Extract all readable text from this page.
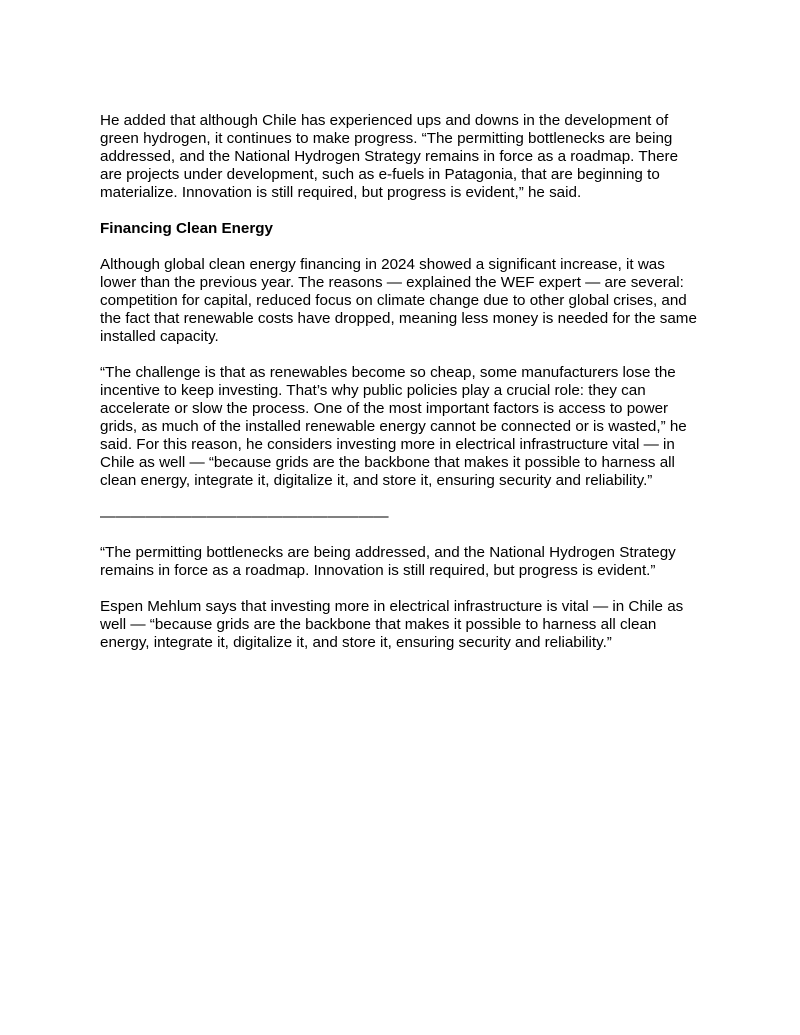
He added that although Chile has experienced ups and downs in the development of green hydrogen, it continues to make progress. “The permitting bottlenecks are being addressed, and the National Hydrogen Strategy remains in force as a roadmap. There are projects under development, such as e-fuels in Patagonia, that are beginning to materialize. Innovation is still required, but progress is evident,” he said.

Financing Clean Energy

Although global clean energy financing in 2024 showed a significant increase, it was lower than the previous year. The reasons — explained the WEF expert — are several: competition for capital, reduced focus on climate change due to other global crises, and the fact that renewable costs have dropped, meaning less money is needed for the same installed capacity.

“The challenge is that as renewables become so cheap, some manufacturers lose the incentive to keep investing. That’s why public policies play a crucial role: they can accelerate or slow the process. One of the most important factors is access to power grids, as much of the installed renewable energy cannot be connected or is wasted,” he said. For this reason, he considers investing more in electrical infrastructure vital — in Chile as well — “because grids are the backbone that makes it possible to harness all clean energy, integrate it, digitalize it, and store it, ensuring security and reliability.”

———————————————————

“The permitting bottlenecks are being addressed, and the National Hydrogen Strategy remains in force as a roadmap. Innovation is still required, but progress is evident.”

Espen Mehlum says that investing more in electrical infrastructure is vital — in Chile as well — “because grids are the backbone that makes it possible to harness all clean energy, integrate it, digitalize it, and store it, ensuring security and reliability.”
